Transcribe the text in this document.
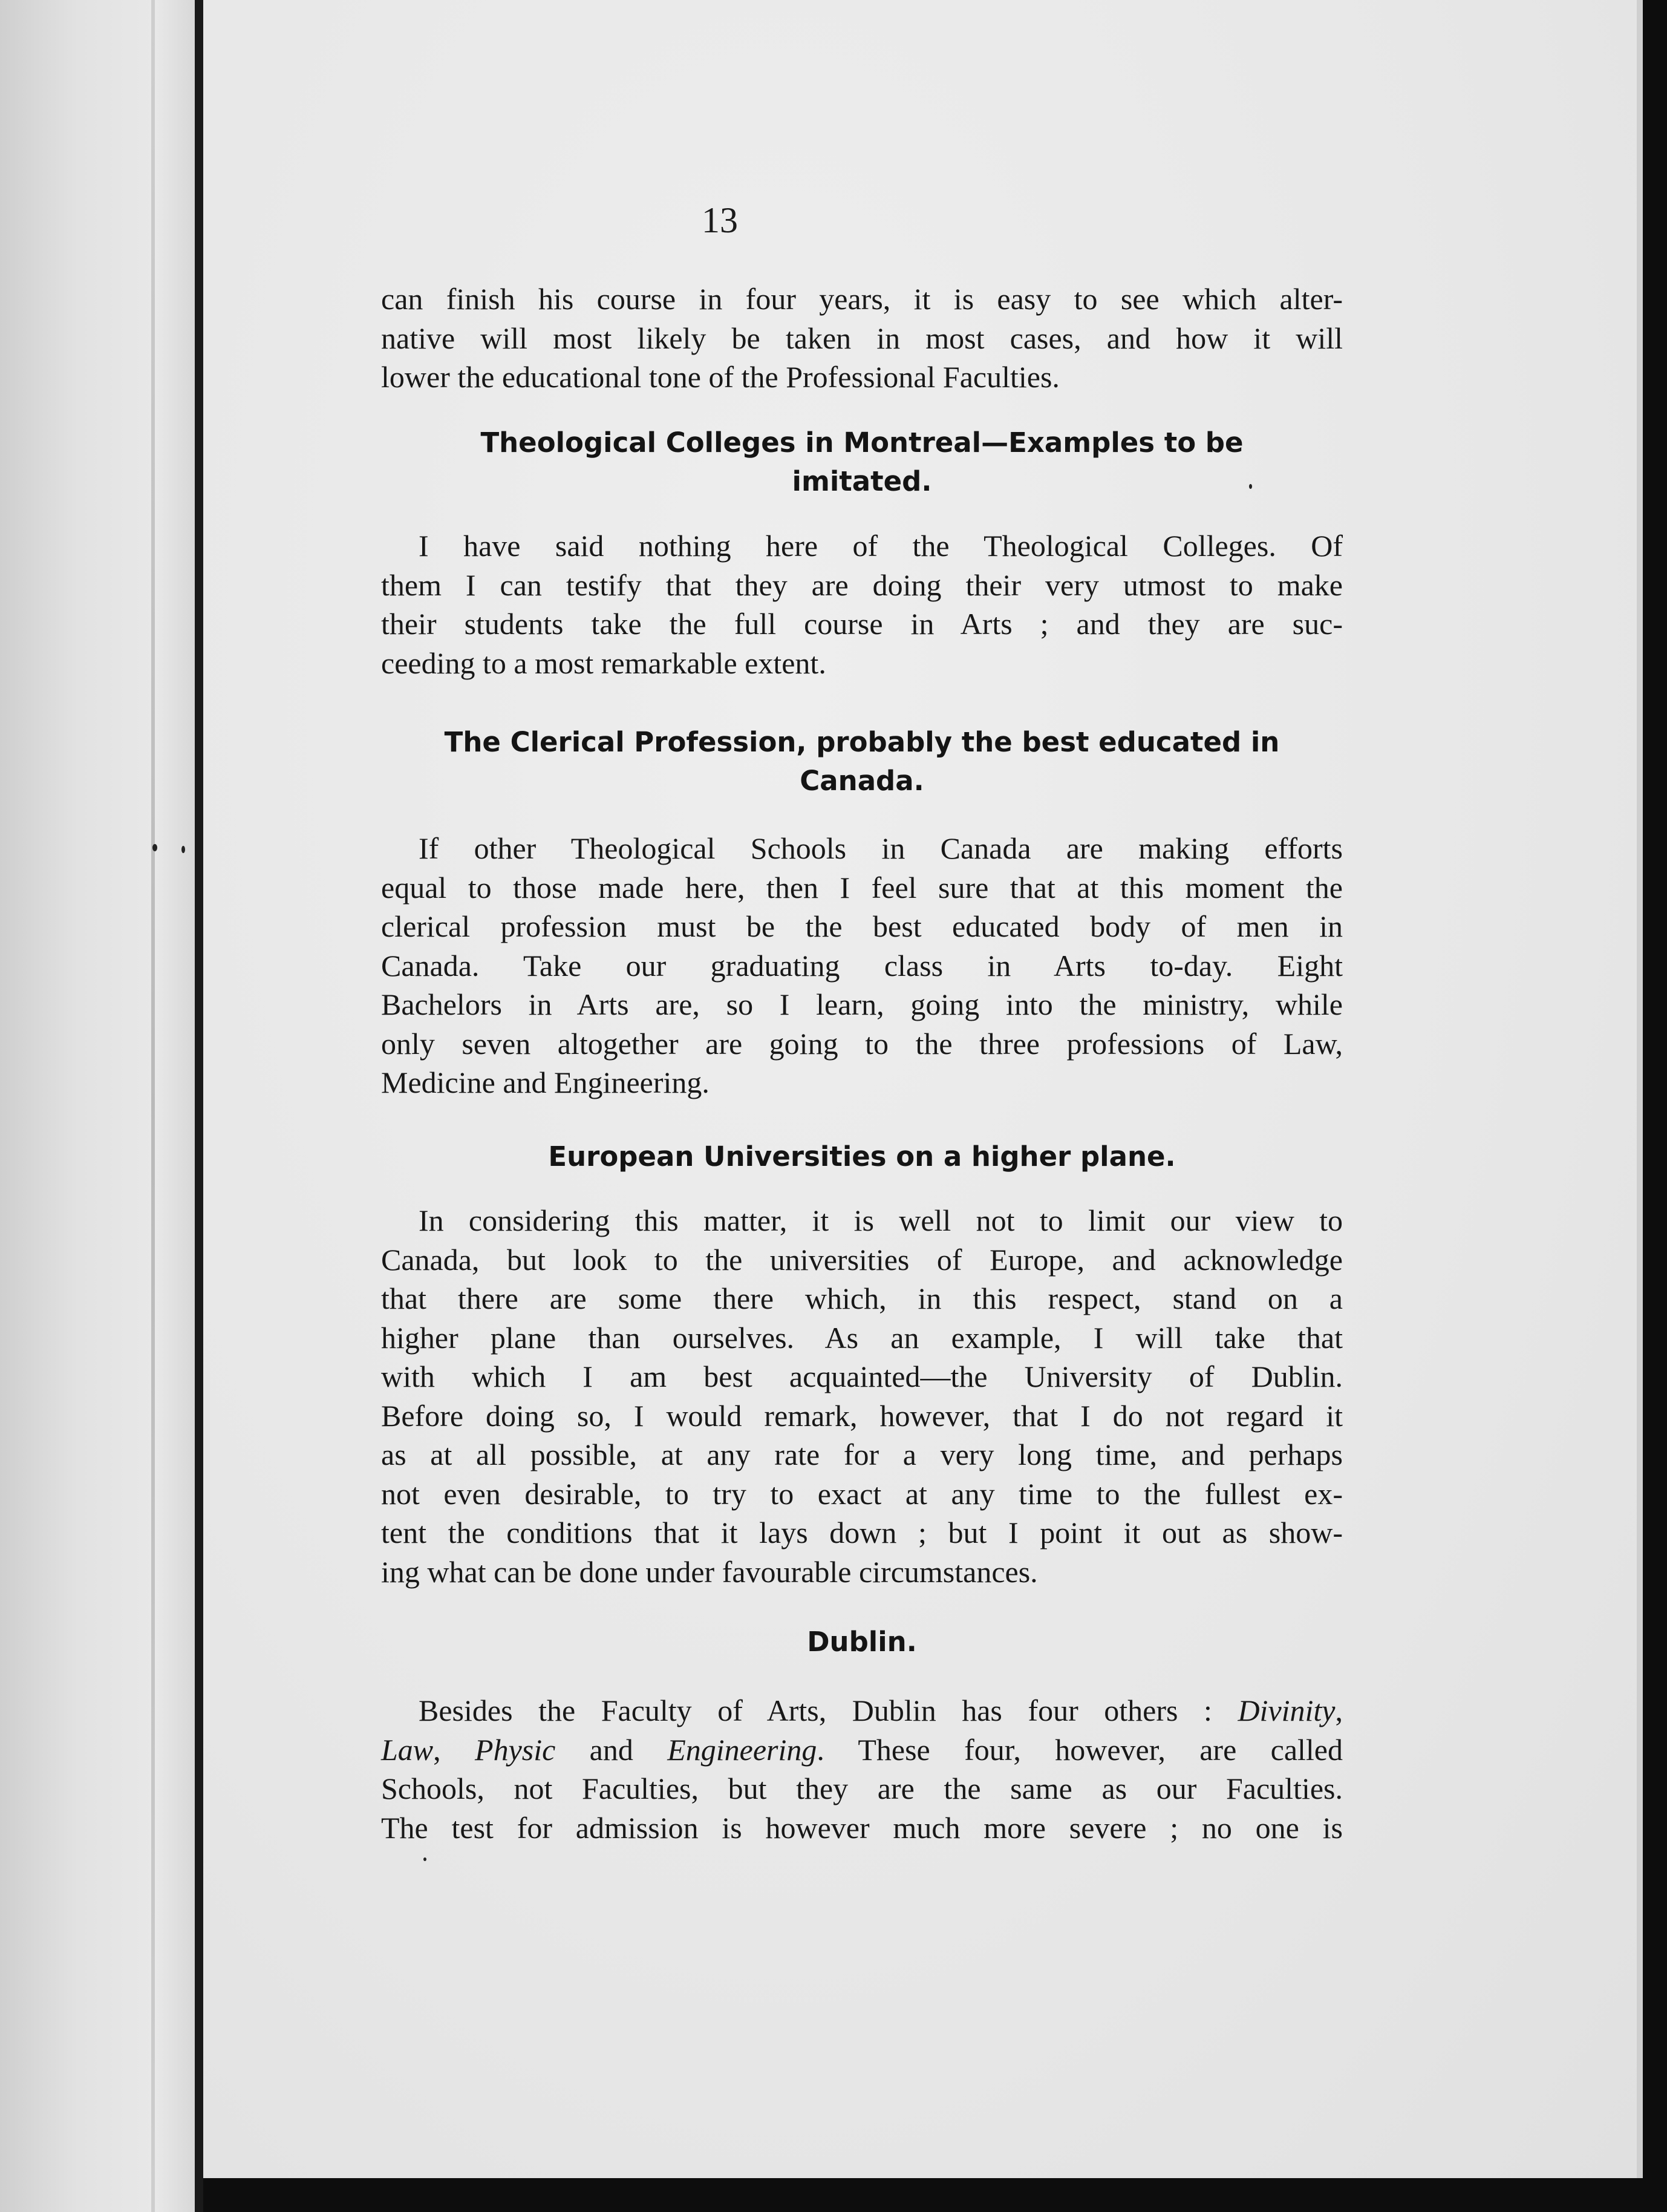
13
can finish his course in four years, it is easy to see which alter-
native will most likely be taken in most cases, and how it will
lower the educational tone of the Professional Faculties.
Theological Colleges in Montreal—Examples to be
imitated.
I have said nothing here of the Theological Colleges. Of
them I can testify that they are doing their very utmost to make
their students take the full course in Arts ; and they are suc-
ceeding to a most remarkable extent.
The Clerical Profession, probably the best educated in
Canada.
If other Theological Schools in Canada are making efforts
equal to those made here, then I feel sure that at this moment the
clerical profession must be the best educated body of men in
Canada. Take our graduating class in Arts to-day. Eight
Bachelors in Arts are, so I learn, going into the ministry, while
only seven altogether are going to the three professions of Law,
Medicine and Engineering.
European Universities on a higher plane.
In considering this matter, it is well not to limit our view to
Canada, but look to the universities of Europe, and acknowledge
that there are some there which, in this respect, stand on a
higher plane than ourselves. As an example, I will take that
with which I am best acquainted—the University of Dublin.
Before doing so, I would remark, however, that I do not regard it
as at all possible, at any rate for a very long time, and perhaps
not even desirable, to try to exact at any time to the fullest ex-
tent the conditions that it lays down ; but I point it out as show-
ing what can be done under favourable circumstances.
Dublin.
Besides the Faculty of Arts, Dublin has four others : Divinity,
Law, Physic and Engineering. These four, however, are called
Schools, not Faculties, but they are the same as our Faculties.
The test for admission is however much more severe ; no one is
